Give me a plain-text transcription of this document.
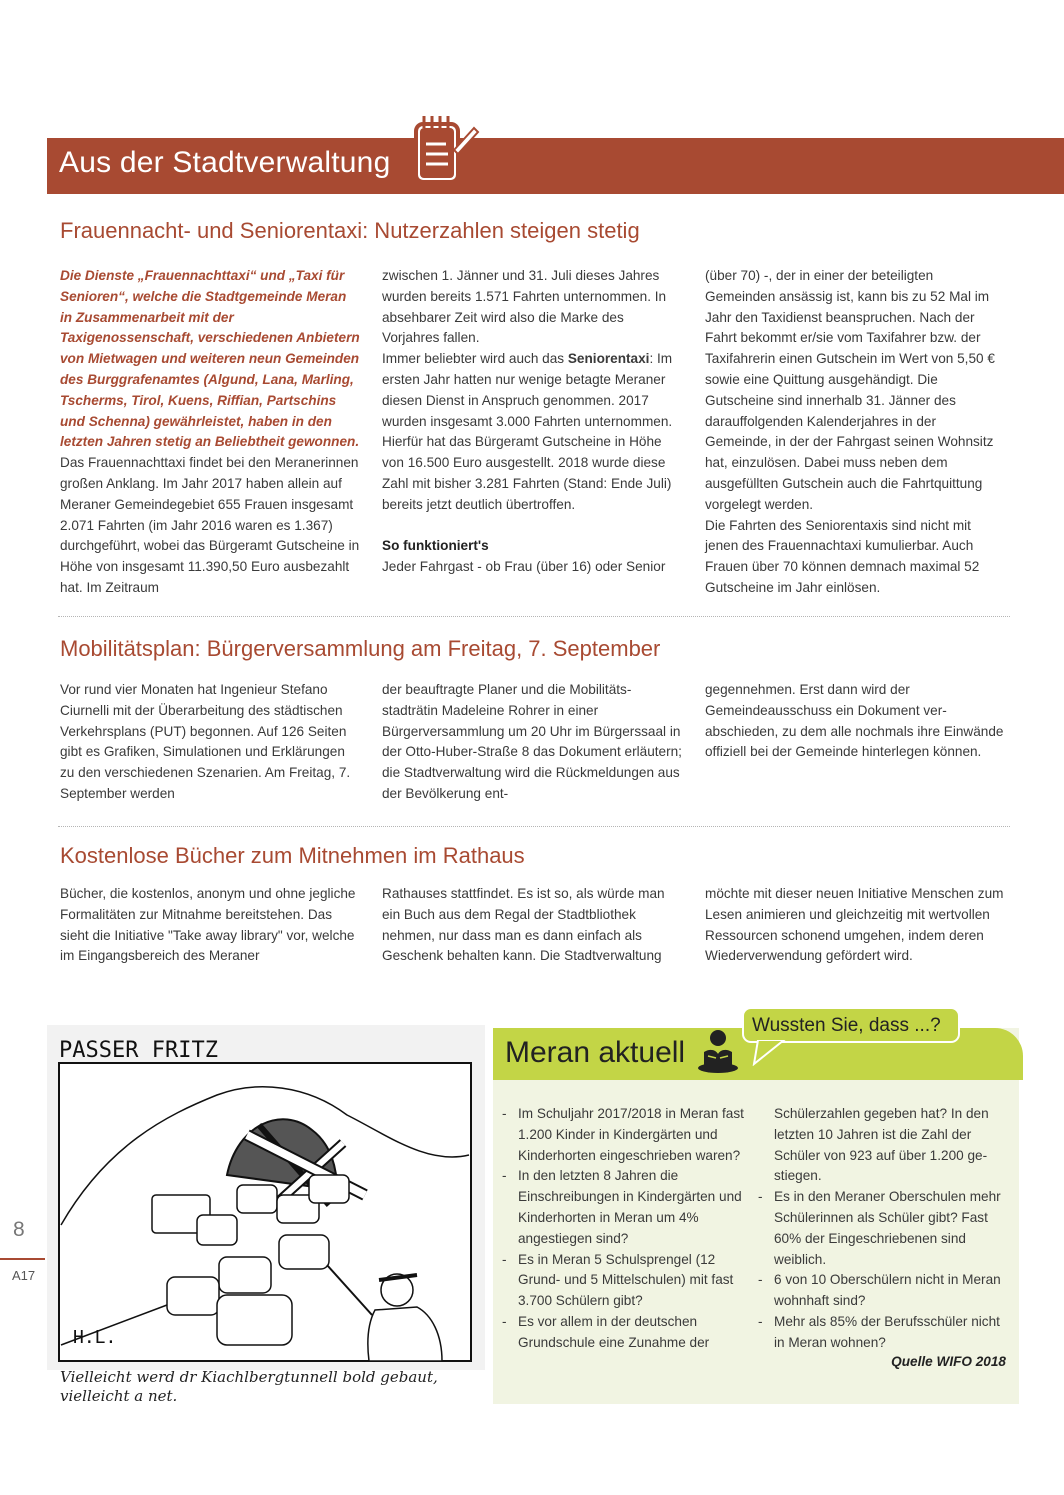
Aus der Stadtverwaltung
Frauennacht- und Seniorentaxi: Nutzerzahlen steigen stetig

Die Dienste „Frauennachttaxi“ und „Taxi für Senioren“, welche die Stadtgemeinde Meran in Zusammenarbeit mit der Taxigenossenschaft, verschiedenen Anbietern von Mietwagen und weiteren neun Gemeinden des Burggrafenamtes (Algund, Lana, Marling, Tscherms, Tirol, Kuens, Riffian, Partschins und Schenna) gewährleistet, haben in den letzten Jahren stetig an Beliebtheit gewonnen.

Das Frauennachttaxi findet bei den Meranerinnen großen Anklang. Im Jahr 2017 haben allein auf Meraner Gemeindegebiet 655 Frauen insgesamt 2.071 Fahrten (im Jahr 2016 waren es 1.367) durchgeführt, wobei das Bürgeramt Gutscheine in Höhe von insgesamt 11.390,50 Euro ausbezahlt hat. Im Zeitraum

zwischen 1. Jänner und 31. Juli dieses Jahres wurden bereits 1.571 Fahrten unternommen. In absehbarer Zeit wird also die Marke des Vorjahres fallen.

Immer beliebter wird auch das Seniorentaxi: Im ersten Jahr hatten nur wenige betagte Meraner diesen Dienst in Anspruch genommen. 2017 wurden insgesamt 3.000 Fahrten unternommen. Hierfür hat das Bürgeramt Gutscheine in Höhe von 16.500 Euro ausgestellt. 2018 wurde diese Zahl mit bisher 3.281 Fahrten (Stand: Ende Juli) bereits jetzt deutlich übertroffen.

So funktioniert's

Jeder Fahrgast - ob Frau (über 16) oder Senior

(über 70) -, der in einer der beteiligten Gemeinden ansässig ist, kann bis zu 52 Mal im Jahr den Taxidienst beanspruchen. Nach der Fahrt bekommt er/sie vom Taxifahrer bzw. der Taxifahrerin einen Gutschein im Wert von 5,50 € sowie eine Quittung ausgehändigt. Die Gutscheine sind innerhalb 31. Jänner des darauffolgenden Kalenderjahres in der Gemeinde, in der der Fahrgast seinen Wohnsitz hat, einzulösen. Dabei muss neben dem ausgefüllten Gutschein auch die Fahrtquittung vorgelegt werden.

Die Fahrten des Seniorentaxis sind nicht mit jenen des Frauennachtaxi kumulierbar. Auch Frauen über 70 können demnach maximal 52 Gutscheine im Jahr einlösen.

Mobilitätsplan: Bürgerversammlung am Freitag, 7. September
Vor rund vier Monaten hat Ingenieur Stefano Ciurnelli mit der Überarbeitung des städtischen Verkehrsplans (PUT) begonnen. Auf 126 Seiten gibt es Grafiken, Simulationen und Erklärungen zu den verschiedenen Szenarien. Am Freitag, 7. September werden
der beauftragte Planer und die Mobilitätsstadträtin Madeleine Rohrer in einer Bürgerversammlung um 20 Uhr im Bürgerssaal in der Otto-Huber-Straße 8 das Dokument erläutern; die Stadtverwaltung wird die Rückmeldungen aus der Bevölkerung ent-
gegennehmen. Erst dann wird der Gemeindeausschuss ein Dokument verabschieden, zu dem alle nochmals ihre Einwände offiziell bei der Gemeinde hinterlegen können.
Kostenlose Bücher zum Mitnehmen im Rathaus
Bücher, die kostenlos, anonym und ohne jegliche Formalitäten zur Mitnahme bereitstehen. Das sieht die Initiative "Take away library" vor, welche im Eingangsbereich des Meraner
Rathauses stattfindet. Es ist so, als würde man ein Buch aus dem Regal der Stadtbliothek nehmen, nur dass man es dann einfach als Geschenk behalten kann. Die Stadtverwaltung
möchte mit dieser neuen Initiative Menschen zum Lesen animieren und gleichzeitig mit wertvollen Ressourcen schonend umgehen, indem deren Wiederverwendung gefördert wird.
PASSER FRITZ
H.L.
Vielleicht werd dr Kiachlbergtunnell bold gebaut, vielleicht a net.
8
A17
Meran aktuell
Wussten Sie, dass ...?
- Im Schuljahr 2017/2018 in Meran fast 1.200 Kinder in Kindergärten und Kinderhorten eingeschrieben waren?
- In den letzten 8 Jahren die Einschreibungen in Kindergärten und Kinderhorten in Meran um 4% angestiegen sind?
- Es in Meran 5 Schulsprengel (12 Grund- und 5 Mittelschulen) mit fast 3.700 Schülern gibt?
- Es vor allem in der deutschen Grundschule eine Zunahme der
Schülerzahlen gegeben hat? In den letzten 10 Jahren ist die Zahl der Schüler von 923 auf über 1.200 gestiegen.
- Es in den Meraner Oberschulen mehr Schülerinnen als Schüler gibt? Fast 60% der Eingeschriebenen sind weiblich.
- 6 von 10 Oberschülern nicht in Meran wohnhaft sind?
- Mehr als 85% der Berufsschüler nicht in Meran wohnen?
Quelle WIFO 2018
